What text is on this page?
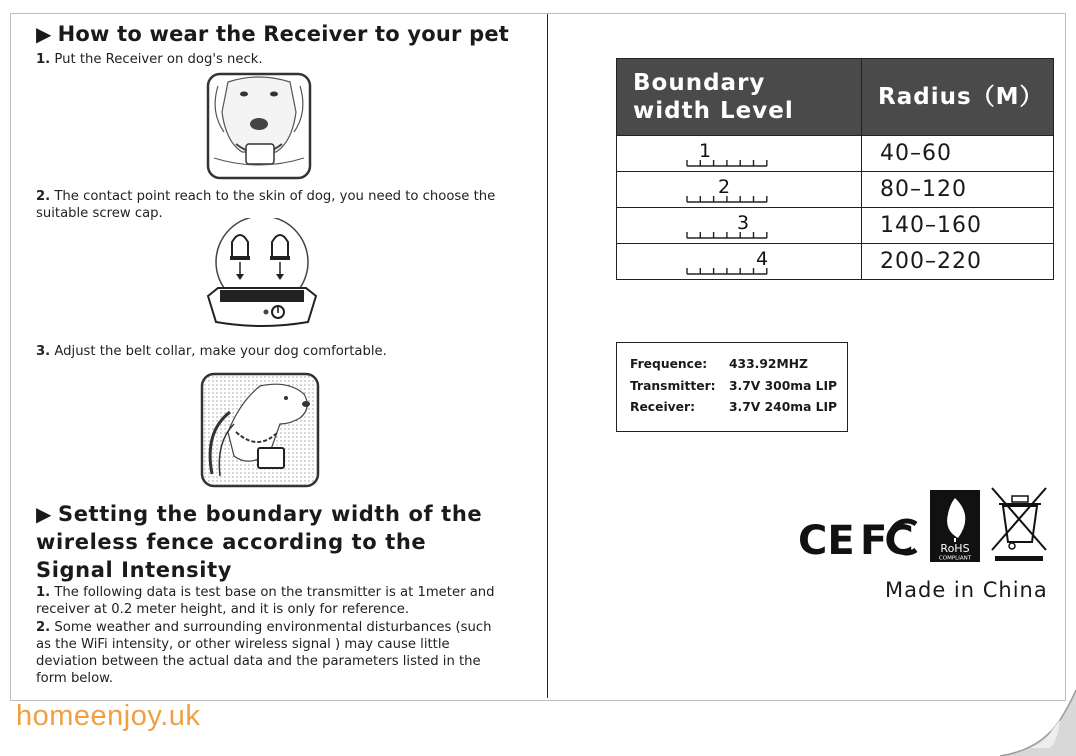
▶ How to wear the Receiver to your pet

1. Put the Receiver on dog's neck.

2. The contact point reach to the skin of dog, you need to choose the suitable screw cap.

3. Adjust the belt collar, make your dog comfortable.

▶ Setting the boundary width of the wireless fence according to the Signal Intensity

1. The following data is test base on the transmitter is at 1meter and receiver at 0.2 meter height, and it is only for reference.

2. Some weather and surrounding environmental disturbances (such as the WiFi intensity, or other wireless signal ) may cause little deviation between the actual data and the parameters listed in the form below.

Boundary width Level	Radius（M）

1	40–60

2	80–120

3	140–160

4	200–220
Frequence: 433.92MHZ
Transmitter: 3.7V 300ma LIP
Receiver:	3.7V 240ma LIP
CE FC	RoHS
COMPLIANT
Made in China
homeenjoy.uk
